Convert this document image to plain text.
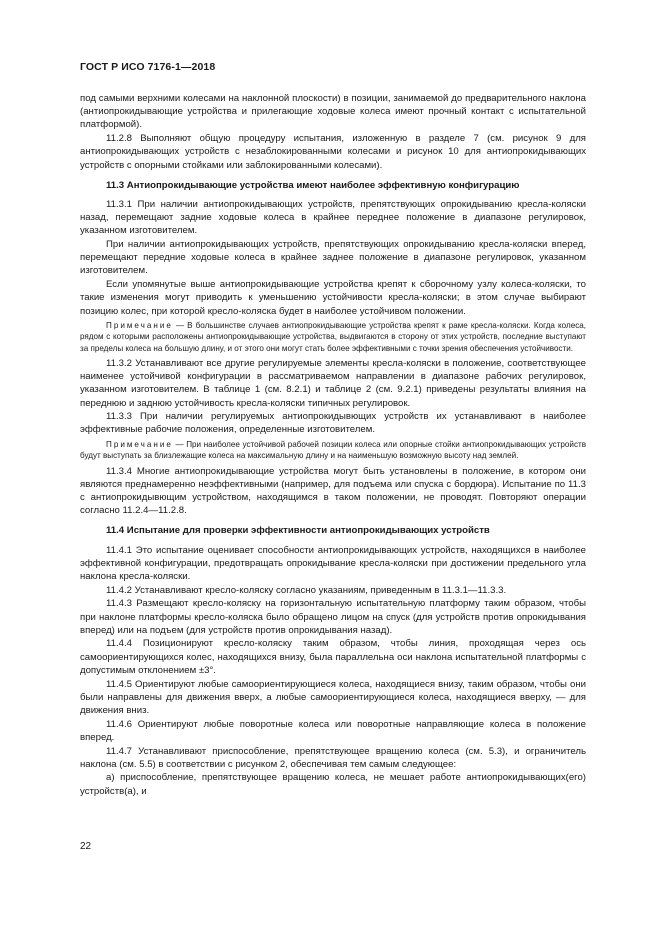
ГОСТ Р ИСО 7176-1—2018

под самыми верхними колесами на наклонной плоскости) в позиции, занимаемой до предварительного наклона (антиопрокидывающие устройства и прилегающие ходовые колеса имеют прочный контакт с испытательной платформой).

11.2.8 Выполняют общую процедуру испытания, изложенную в разделе 7 (см. рисунок 9 для антиопрокидывающих устройств с незаблокированными колесами и рисунок 10 для антиопрокидывающих устройств с опорными стойками или заблокированными колесами).

11.3 Антиопрокидывающие устройства имеют наиболее эффективную конфигурацию

11.3.1 При наличии антиопрокидывающих устройств, препятствующих опрокидыванию кресла-коляски назад, перемещают задние ходовые колеса в крайнее переднее положение в диапазоне регулировок, указанном изготовителем.

При наличии антиопрокидывающих устройств, препятствующих опрокидыванию кресла-коляски вперед, перемещают передние ходовые колеса в крайнее заднее положение в диапазоне регулировок, указанном изготовителем.

Если упомянутые выше антиопрокидывающие устройства крепят к сборочному узлу колеса-коляски, то такие изменения могут приводить к уменьшению устойчивости кресла-коляски; в этом случае выбирают позицию колес, при которой кресло-коляска будет в наиболее устойчивом положении.

Примечание — В большинстве случаев антиопрокидывающие устройства крепят к раме кресла-коляски. Когда колеса, рядом с которыми расположены антиопрокидывающие устройства, выдвигаются в сторону от этих устройств, последние выступают за пределы колеса на большую длину, и от этого они могут стать более эффективными с точки зрения обеспечения устойчивости.

11.3.2 Устанавливают все другие регулируемые элементы кресла-коляски в положение, соответствующее наименее устойчивой конфигурации в рассматриваемом направлении в диапазоне рабочих регулировок, указанном изготовителем. В таблице 1 (см. 8.2.1) и таблице 2 (см. 9.2.1) приведены результаты влияния на переднюю и заднюю устойчивость кресла-коляски типичных регулировок.

11.3.3 При наличии регулируемых антиопрокидывющих устройств их устанавливают в наиболее эффективные рабочие положения, определенные изготовителем.

Примечание — При наиболее устойчивой рабочей позиции колеса или опорные стойки антиопрокидывающих устройств будут выступать за близлежащие колеса на максимальную длину и на наименьшую возможную высоту над землей.

11.3.4 Многие антиопрокидывающие устройства могут быть установлены в положение, в котором они являются преднамеренно неэффективными (например, для подъема или спуска с бордюра). Испытание по 11.3 с антиопрокидывющим устройством, находящимся в таком положении, не проводят. Повторяют операции согласно 11.2.4—11.2.8.

11.4 Испытание для проверки эффективности антиопрокидывающих устройств

11.4.1 Это испытание оценивает способности антиопрокидывающих устройств, находящихся в наиболее эффективной конфигурации, предотвращать опрокидывание кресла-коляски при достижении предельного угла наклона кресла-коляски.

11.4.2 Устанавливают кресло-коляску согласно указаниям, приведенным в 11.3.1—11.3.3.

11.4.3 Размещают кресло-коляску на горизонтальную испытательную платформу таким образом, чтобы при наклоне платформы кресло-коляска было обращено лицом на спуск (для устройств против опрокидывания вперед) или на подъем (для устройств против опрокидывания назад).

11.4.4 Позиционируют кресло-коляску таким образом, чтобы линия, проходящая через ось самоориентирующихся колес, находящихся внизу, была параллельна оси наклона испытательной платформы с допустимым отклонением ±3°.

11.4.5 Ориентируют любые самоориентирующиеся колеса, находящиеся внизу, таким образом, чтобы они были направлены для движения вверх, а любые самоориентирующиеся колеса, находящиеся вверху, — для движения вниз.

11.4.6 Ориентируют любые поворотные колеса или поворотные направляющие колеса в положение вперед.

11.4.7 Устанавливают приспособление, препятствующее вращению колеса (см. 5.3), и ограничитель наклона (см. 5.5) в соответствии с рисунком 2, обеспечивая тем самым следующее:

а) приспособление, препятствующее вращению колеса, не мешает работе антиопрокидывающих(его) устройств(а), и

22
